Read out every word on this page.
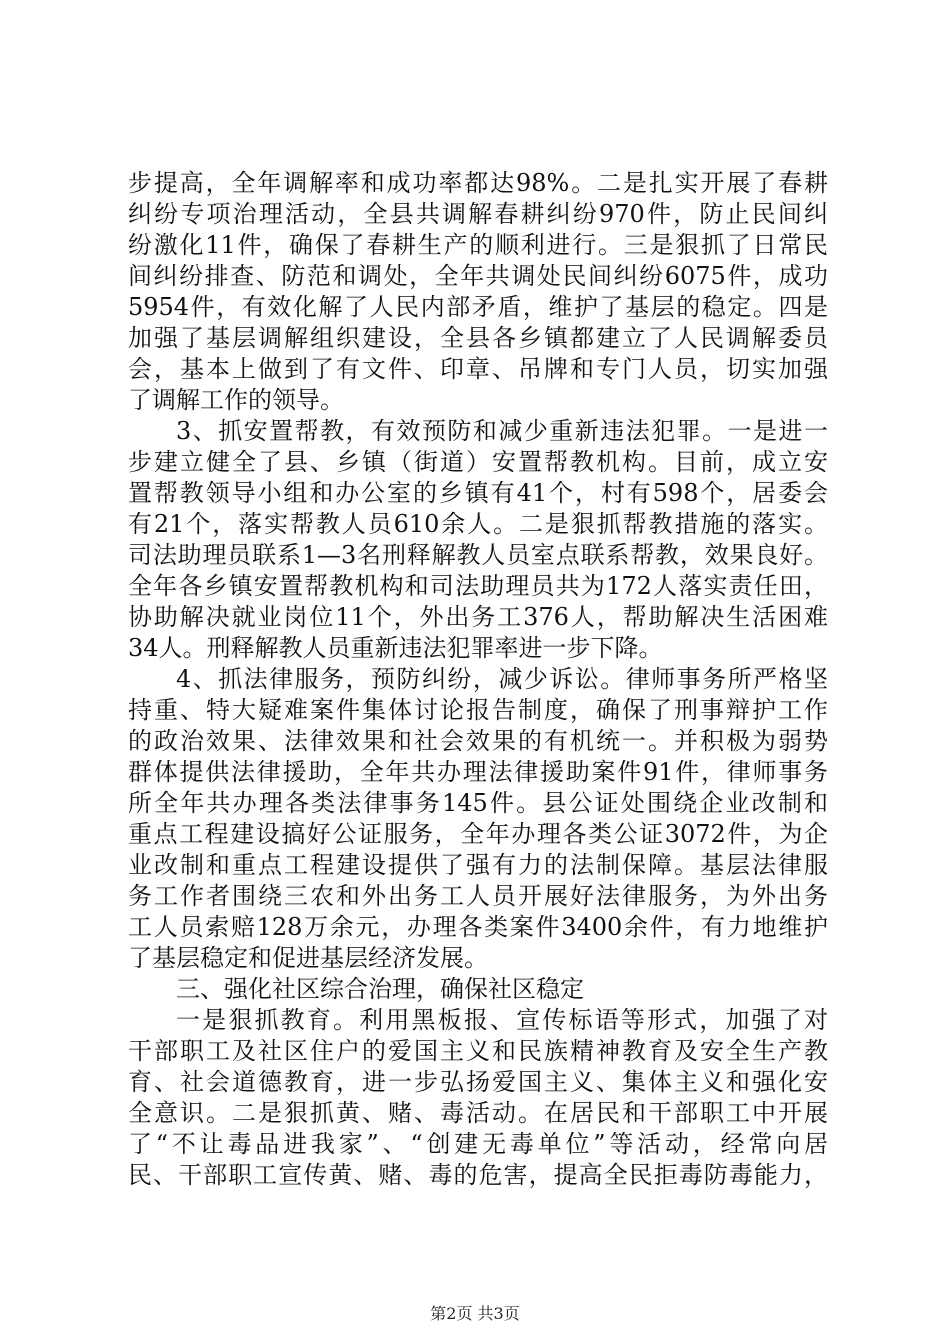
步提高，全年调解率和成功率都达98%。二是扎实开展了春耕
纠纷专项治理活动，全县共调解春耕纠纷970件，防止民间纠
纷激化11件，确保了春耕生产的顺利进行。三是狠抓了日常民
间纠纷排查、防范和调处，全年共调处民间纠纷6075件，成功
5954件，有效化解了人民内部矛盾，维护了基层的稳定。四是
加强了基层调解组织建设，全县各乡镇都建立了人民调解委员
会，基本上做到了有文件、印章、吊牌和专门人员，切实加强
了调解工作的领导。
3、抓安置帮教，有效预防和减少重新违法犯罪。一是进一
步建立健全了县、乡镇（街道）安置帮教机构。目前，成立安
置帮教领导小组和办公室的乡镇有41个，村有598个，居委会
有21个，落实帮教人员610余人。二是狠抓帮教措施的落实。
司法助理员联系1—3名刑释解教人员室点联系帮教，效果良好。
全年各乡镇安置帮教机构和司法助理员共为172人落实责任田，
协助解决就业岗位11个，外出务工376人，帮助解决生活困难
34人。刑释解教人员重新违法犯罪率进一步下降。
4、抓法律服务，预防纠纷，减少诉讼。律师事务所严格坚
持重、特大疑难案件集体讨论报告制度，确保了刑事辩护工作
的政治效果、法律效果和社会效果的有机统一。并积极为弱势
群体提供法律援助，全年共办理法律援助案件91件，律师事务
所全年共办理各类法律事务145件。县公证处围绕企业改制和
重点工程建设搞好公证服务，全年办理各类公证3072件，为企
业改制和重点工程建设提供了强有力的法制保障。基层法律服
务工作者围绕三农和外出务工人员开展好法律服务，为外出务
工人员索赔128万余元，办理各类案件3400余件，有力地维护
了基层稳定和促进基层经济发展。
三、强化社区综合治理，确保社区稳定
一是狠抓教育。利用黑板报、宣传标语等形式，加强了对
干部职工及社区住户的爱国主义和民族精神教育及安全生产教
育、社会道德教育，进一步弘扬爱国主义、集体主义和强化安
全意识。二是狠抓黄、赌、毒活动。在居民和干部职工中开展
了“不让毒品进我家”、“创建无毒单位”等活动，经常向居
民、干部职工宣传黄、赌、毒的危害，提高全民拒毒防毒能力，
第2页 共3页
